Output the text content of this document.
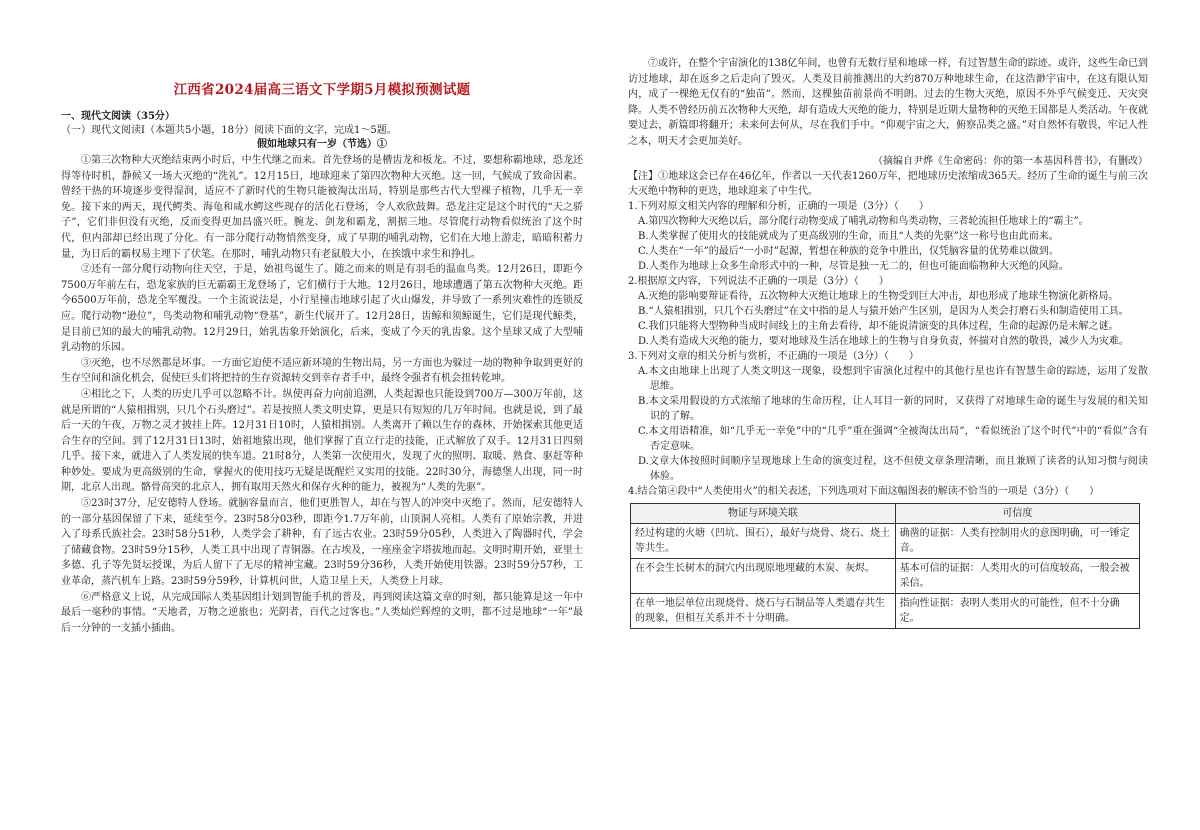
江西省2024届高三语文下学期5月模拟预测试题
一、现代文阅读（35分）
（一）现代文阅读Ⅰ（本题共5小题，18分）阅读下面的文字，完成1～5题。
假如地球只有一岁（节选）①

①第三次物种大灭绝结束两小时后，中生代继之而来。首先登场的是槽齿龙和板龙。不过，要想称霸地球，恐龙还得等待时机，静候又一场大灭绝的“洗礼”。12月15日，地球迎来了第四次物种大灭绝。这一回，气候成了致命因素。曾经干热的环境逐步变得湿润，适应不了新时代的生物只能被淘汰出局，特别是那些古代大型裸子植物，几乎无一幸免。接下来的两天，现代鳄类、海龟和咸水鳄这些现存的活化石登场，令人欢欣鼓舞。恐龙注定是这个时代的“天之骄子”，它们非但没有灭绝，反而变得更加昌盛兴旺。腕龙、剑龙和霸龙，割据三地。尽管爬行动物看似统治了这个时代，但内部却已经出现了分化。有一部分爬行动物悄然变身，成了早期的哺乳动物，它们在大地上游走，暗暗积蓄力量，为日后的霸权易主埋下了伏笔。在那时，哺乳动物只有老鼠般大小，在挨饿中求生和挣扎。

②还有一部分爬行动物向往天空，于是，始祖鸟诞生了。随之而来的则是有羽毛的温血鸟类。12月26日，即距今7500万年前左右，恐龙家族的巨无霸霸王龙登场了，它们横行于大地。12月26日，地球遭遇了第五次物种大灭绝。距今6500万年前，恐龙全军覆没。一个主流说法是，小行星撞击地球引起了火山爆发，并导致了一系列灾难性的连锁反应。爬行动物“逊位”，鸟类动物和哺乳动物“登基”，新生代展开了。12月28日，齿鲸和须鲸诞生，它们是现代鲸类，是目前已知的最大的哺乳动物。12月29日，始乳齿象开始演化，后来，变成了今天的乳齿象。这个星球又成了大型哺乳动物的乐园。

③灭绝，也不尽然都是坏事。一方面它迫使不适应新环境的生物出局，另一方面也为躲过一劫的物种争取到更好的生存空间和演化机会，促使巨头们将把持的生存资源转交到幸存者手中，最终令强者有机会扭转乾坤。

④相比之下，人类的历史几乎可以忽略不计。纵使再奋力向前追溯，人类起源也只能设到700万—300万年前，这就是所谓的“人猿相揖别，只几个石头磨过”。若是按照人类文明史算，更是只有短短的几万年时间。也就是说，到了最后一天的午夜，万物之灵才披挂上阵。12月31日10时，人猿相揖别。人类离开了赖以生存的森林，开始探索其他更适合生存的空间。到了12月31日13时，始祖地猿出现，他们掌握了直立行走的技能，正式解放了双手。12月31日四刻几乎。接下来，就进入了人类发展的快车道。21时8分，人类第一次使用火，发现了火的照明、取暖、熟食、驱赶等种种妙处。要成为更高级别的生命，掌握火的使用技巧无疑是既醒烂又实用的技能。22时30分，海德堡人出现，同一时期，北京人出现。骼骨高突的北京人，拥有取用天然火和保存火种的能力，被视为“人类的先驱”。

⑤23时37分，尼安德特人登场。就脑容量而言，他们更胜智人，却在与智人的冲突中灭绝了。然而，尼安德特人的一部分基因保留了下来，延续至今。23时58分03秒，即距今1.7万年前，山顶洞人亮相。人类有了原始宗教，并进入了母系氏族社会。23时58分51秒，人类学会了耕种，有了远古农业。23时59分05秒，人类进入了陶器时代，学会了储藏食物。23时59分15秒，人类工具中出现了青铜器。在古埃及，一座座金字塔拔地而起。文明时期开始，亚里士多德、孔子等先贤坛授课，为后人留下了无尽的精神宝藏。23时59分36秒，人类开始使用铁器。23时59分57秒，工业革命，蒸汽机车上路。23时59分59秒，计算机问世，人造卫星上天，人类登上月球。

⑥严格意义上说，从完成国际人类基因组计划到智能手机的普及，再到阅读这篇文章的时刻，都只能算是这一年中最后一毫秒的事情。“天地者，万物之逆旅也；光阴者，百代之过客也。”人类灿烂辉煌的文明，都不过是地球“一年”最后一分钟的一支插小插曲。

⑦或许，在整个宇宙演化的138亿年间，也曾有无数行星和地球一样，有过智慧生命的踪迹。或许，这些生命已到访过地球，却在返乡之后走向了毁灭。人类及目前推测出的大约870万种地球生命，在这浩渺宇宙中，在这有限认知内，成了一棵绝无仅有的“独苗”。然而，这棵独苗前景尚不明朗。过去的生物大灭绝，原因不外乎气候变迁、天灾突降。人类不曾经历前五次物种大灭绝，却有造成大灭绝的能力，特别是近期大量物种的灭绝王国都是人类活动。午夜就要过去，新篇即将翻开；未来何去何从，尽在我们手中。“仰观宇宙之大，俯察品类之盛。”对自然怀有敬畏，牢记人性之本，明天才会更加美好。

（摘编自尹烨《生命密码：你的第一本基因科普书》，有删改）
【注】①地球这会已存在46亿年，作者以一天代表1260万年，把地球历史浓缩成365天。经历了生命的诞生与前三次大灭绝中物种的更迭，地球迎来了中生代。
1.下列对原文相关内容的理解和分析，正确的一项是（3分）（　　）
A.第四次物种大灭绝以后，部分爬行动物变成了哺乳动物和鸟类动物，三者轮流担任地球上的“霸主”。
B.人类掌握了使用火的技能就成为了更高级别的生命，而且“人类的先驱”这一称号也由此而来。
C.人类在“一年”的最后“一小时”起源，暂想在种族的竞争中胜出，仅凭脑容量的优势难以做到。
D.人类作为地球上众多生命形式中的一种，尽管是独一无二的，但也可能面临物种大灭绝的风险。
2.根据原文内容，下列说法不正确的一项是（3分）（　　）
A.灭绝的影响要辩证看待，五次物种大灭绝让地球上的生物受到巨大冲击，却也形成了地球生物演化新格局。
B.“人猿相揖别，只几个石头磨过”在文中指的是人与猿开始产生区别，是因为人类会打磨石头和制造使用工具。
C.我们只能将大型物种当成时间线上的主角去看待，却不能说清演变的具体过程，生命的起源仍是未解之谜。
D.人类有造成大灭绝的能力，要对地球及生活在地球上的生物与自身负责，怀揣对自然的敬畏，减少人为灾难。
3.下列对文章的相关分析与赏析，不正确的一项是（3分）（　　）
A.本文由地球上出现了人类文明这一现象，设想到宇宙演化过程中的其他行星也许有智慧生命的踪迹，运用了发散思维。
B.本文采用假设的方式浓缩了地球的生命历程，让人耳目一新的同时，又获得了对地球生命的诞生与发展的相关知识的了解。
C.本文用语精准，如“几乎无一幸免”中的“几乎”重在强调“全被淘汰出局”，“看似统治了这个时代”中的“看似”含有否定意味。
D.文章大体按照时间顺序呈现地球上生命的演变过程，这不但使文章条理清晰，而且兼顾了读者的认知习惯与阅读体验。
4.结合第④段中“人类使用火”的相关表述，下列选项对下面这幅图表的解读不恰当的一项是（3分）（　　）
物证与环境关联	可信度
经过构建的火塘（凹坑、围石），最好与烧骨、烧石、烧土等共生。	确凿的证据：人类有控制用火的意图明确，可一锤定音。
在不会生长树木的洞穴内出现原地埋藏的木炭、灰烬。	基本可信的证据：人类用火的可信度较高，一般会被采信。
在单一地层单位出现烧骨、烧石与石制品等人类遗存共生的现象，但相互关系并不十分明确。	指向性证据：表明人类用火的可能性，但不十分确定。
